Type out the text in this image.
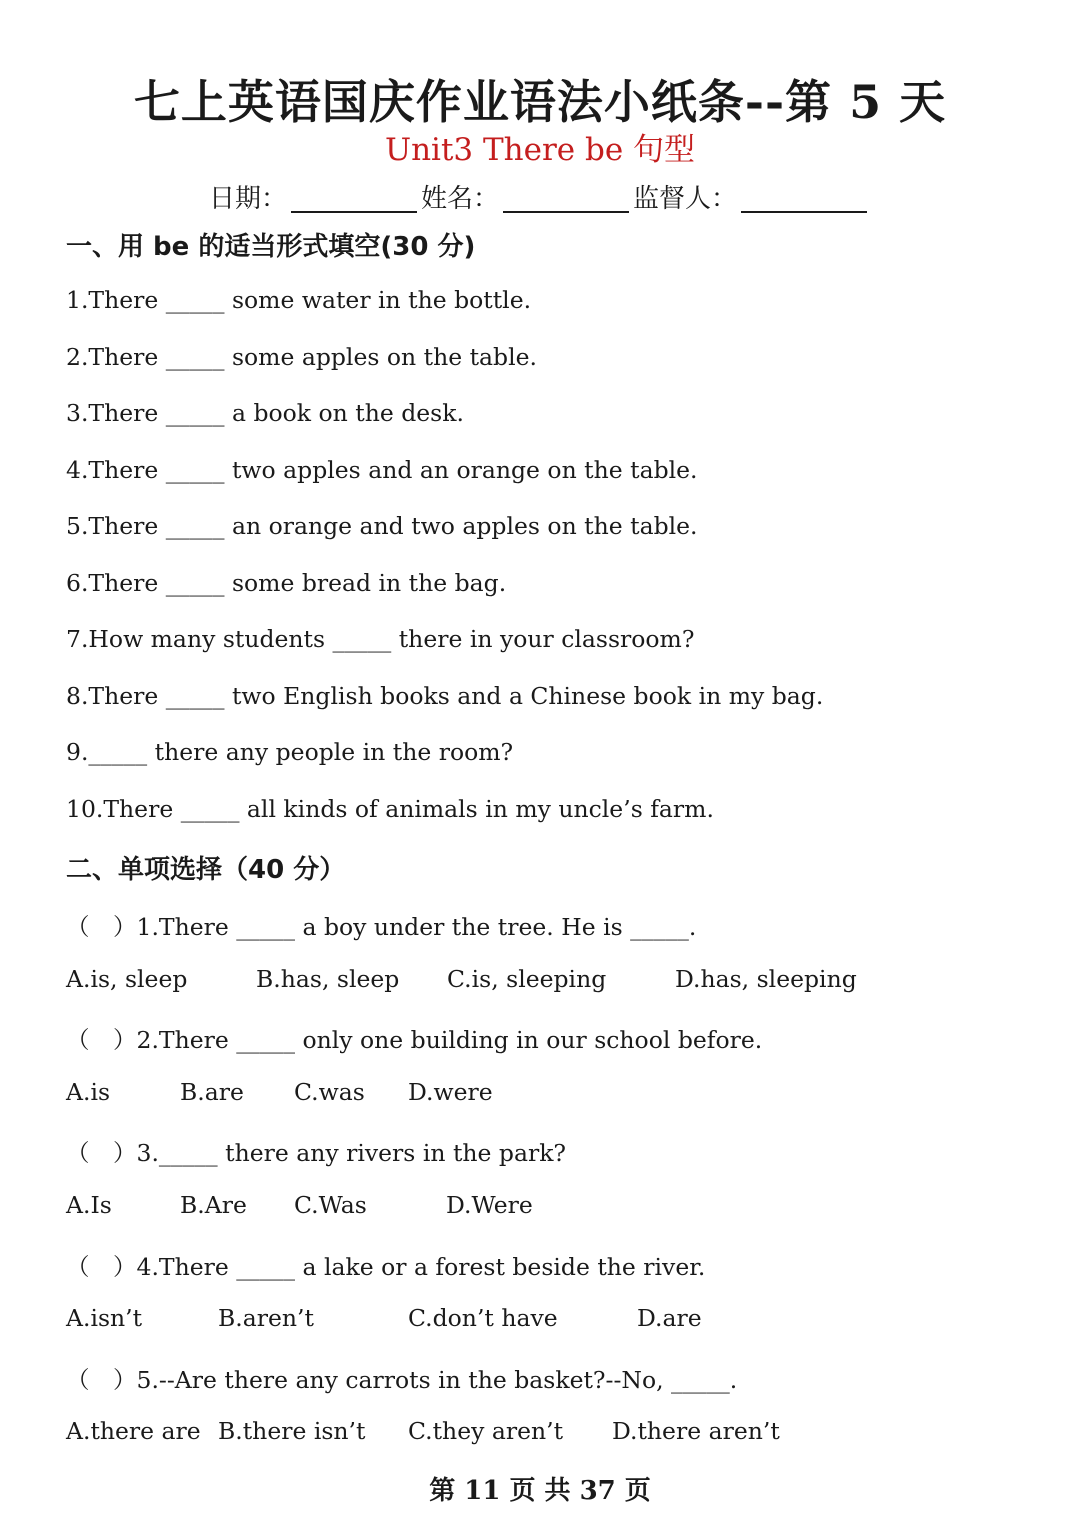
七上英语国庆作业语法小纸条--第 5 天
Unit3 There be 句型
日期：	姓名：	监督人：
一、用 be 的适当形式填空(30 分)
1.There _____ some water in the bottle.
2.There _____ some apples on the table.
3.There _____ a book on the desk.
4.There _____ two apples and an orange on the table.
5.There _____ an orange and two apples on the table.
6.There _____ some bread in the bag.
7.How many students _____ there in your classroom?
8.There _____ two English books and a Chinese book in my bag.
9._____ there any people in the room?
10.There _____ all kinds of animals in my uncle’s farm.
二、单项选择（40 分）
（　）1.There _____ a boy under the tree. He is _____.
A.is, sleep	B.has, sleep C.is, sleeping	D.has, sleeping
（　）2.There _____ only one building in our school before.
A.is	B.are C.was D.were
（　）3._____ there any rivers in the park?
A.Is	B.Are C.Was	D.Were
（　）4.There _____ a lake or a forest beside the river.
A.isn’t	B.aren’t	C.don’t have	D.are
（　）5.--Are there any carrots in the basket?--No, _____.
A.there are B.there isn’t C.they aren’t D.there aren’t
第 11 页 共 37 页
